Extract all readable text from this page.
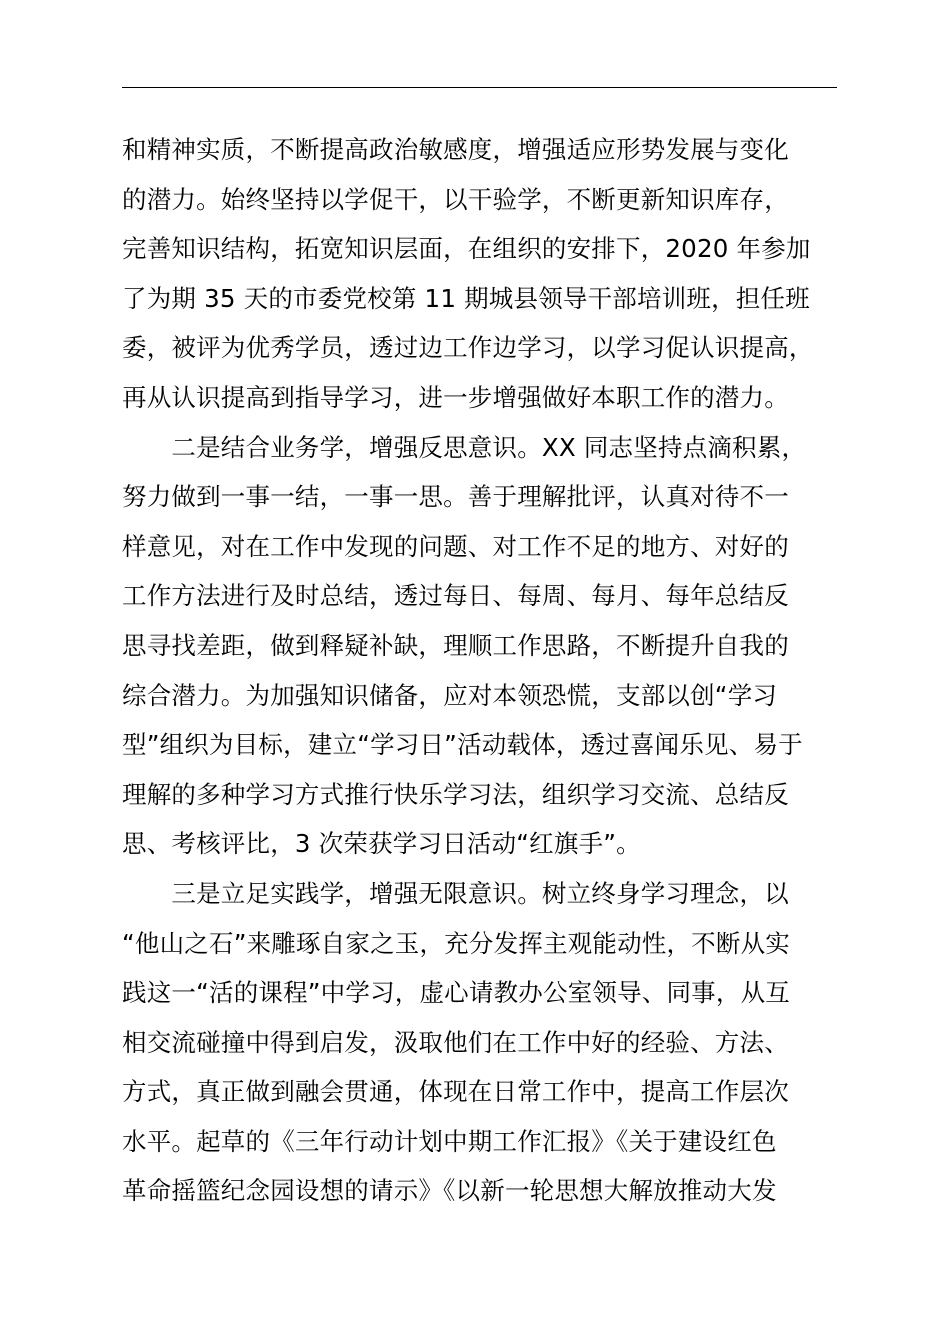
和精神实质，不断提高政治敏感度，增强适应形势发展与变化
的潜力。始终坚持以学促干，以干验学，不断更新知识库存，
完善知识结构，拓宽知识层面，在组织的安排下，2020 年参加
了为期 35 天的市委党校第 11 期城县领导干部培训班，担任班
委，被评为优秀学员，透过边工作边学习，以学习促认识提高，
再从认识提高到指导学习，进一步增强做好本职工作的潜力。
　　二是结合业务学，增强反思意识。XX 同志坚持点滴积累，
努力做到一事一结，一事一思。善于理解批评，认真对待不一
样意见，对在工作中发现的问题、对工作不足的地方、对好的
工作方法进行及时总结，透过每日、每周、每月、每年总结反
思寻找差距，做到释疑补缺，理顺工作思路，不断提升自我的
综合潜力。为加强知识储备，应对本领恐慌，支部以创“学习
型”组织为目标，建立“学习日”活动载体，透过喜闻乐见、易于
理解的多种学习方式推行快乐学习法，组织学习交流、总结反
思、考核评比，3 次荣获学习日活动“红旗手”。
　　三是立足实践学，增强无限意识。树立终身学习理念，以
“他山之石”来雕琢自家之玉，充分发挥主观能动性，不断从实
践这一“活的课程”中学习，虚心请教办公室领导、同事，从互
相交流碰撞中得到启发，汲取他们在工作中好的经验、方法、
方式，真正做到融会贯通，体现在日常工作中，提高工作层次
水平。起草的《三年行动计划中期工作汇报》《关于建设红色
革命摇篮纪念园设想的请示》《以新一轮思想大解放推动大发
